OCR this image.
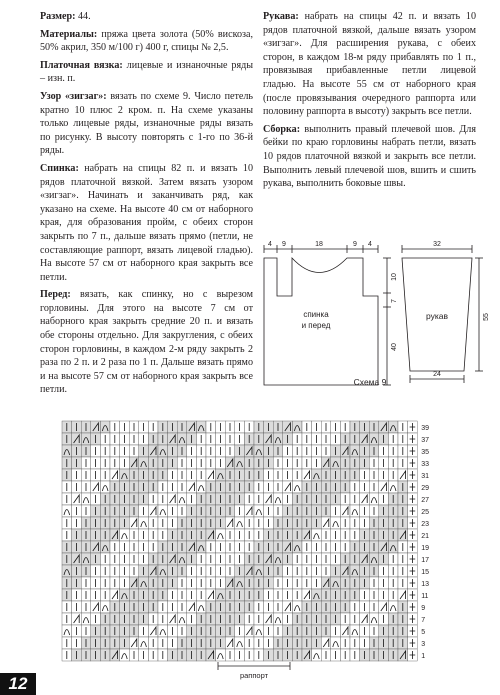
Размер: 44.

Материалы: пряжа цвета золота (50% вискоза, 50% акрил, 350 м/100 г) 400 г, спицы № 2,5.

Платочная вязка: лицевые и изнаночные ряды – изн. п.

Узор «зигзаг»: вязать по схеме 9. Число петель кратно 10 плюс 2 кром. п. На схеме указаны только лицевые ряды, изнаночные ряды вязать по рисунку. В высоту повторять с 1-го по 36-й ряды.

Спинка: набрать на спицы 82 п. и вязать 10 рядов платочной вязкой. Затем вязать узором «зигзаг». Начинать и заканчивать ряд, как указано на схеме. На высоте 40 см от наборного края, для образования пройм, с обеих сторон закрыть по 7 п., дальше вязать прямо (петли, не составляющие раппорт, вязать лицевой гладью). На высоте 57 см от наборного края закрыть все петли.

Перед: вязать, как спинку, но с вырезом горловины. Для этого на высоте 7 см от наборного края закрыть средние 20 п. и вязать обе стороны отдельно. Для закругления, с обеих сторон горловины, в каждом 2-м ряду закрыть 2 раза по 2 п. и 2 раза по 1 п. Дальше вязать прямо и на высоте 57 см от наборного края закрыть все петли.

Рукава: набрать на спицы 42 п. и вязать 10 рядов платочной вязкой, дальше вязать узором «зигзаг». Для расширения рукава, с обеих сторон, в каждом 18-м ряду прибавлять по 1 п., провязывая прибавленные петли лицевой гладью. На высоте 55 см от наборного края (после провязывания очередного раппорта или половину раппорта в высоту) закрыть все петли.

Сборка: выполнить правый плечевой шов. Для бейки по краю горловины набрать петли, вязать 10 рядов платочной вязкой и закрыть все петли. Выполнить левый плечевой шов, вшить и сшить рукава, выполнить боковые швы.

4 9	18	9 4
10
7
40
32
55
24
спинка
и перед
рукав
Схема 9
39
37
35
33
31
29
27
25
23
21
19
17
15
13
11
9
7
5
3
1
раппорт
12
